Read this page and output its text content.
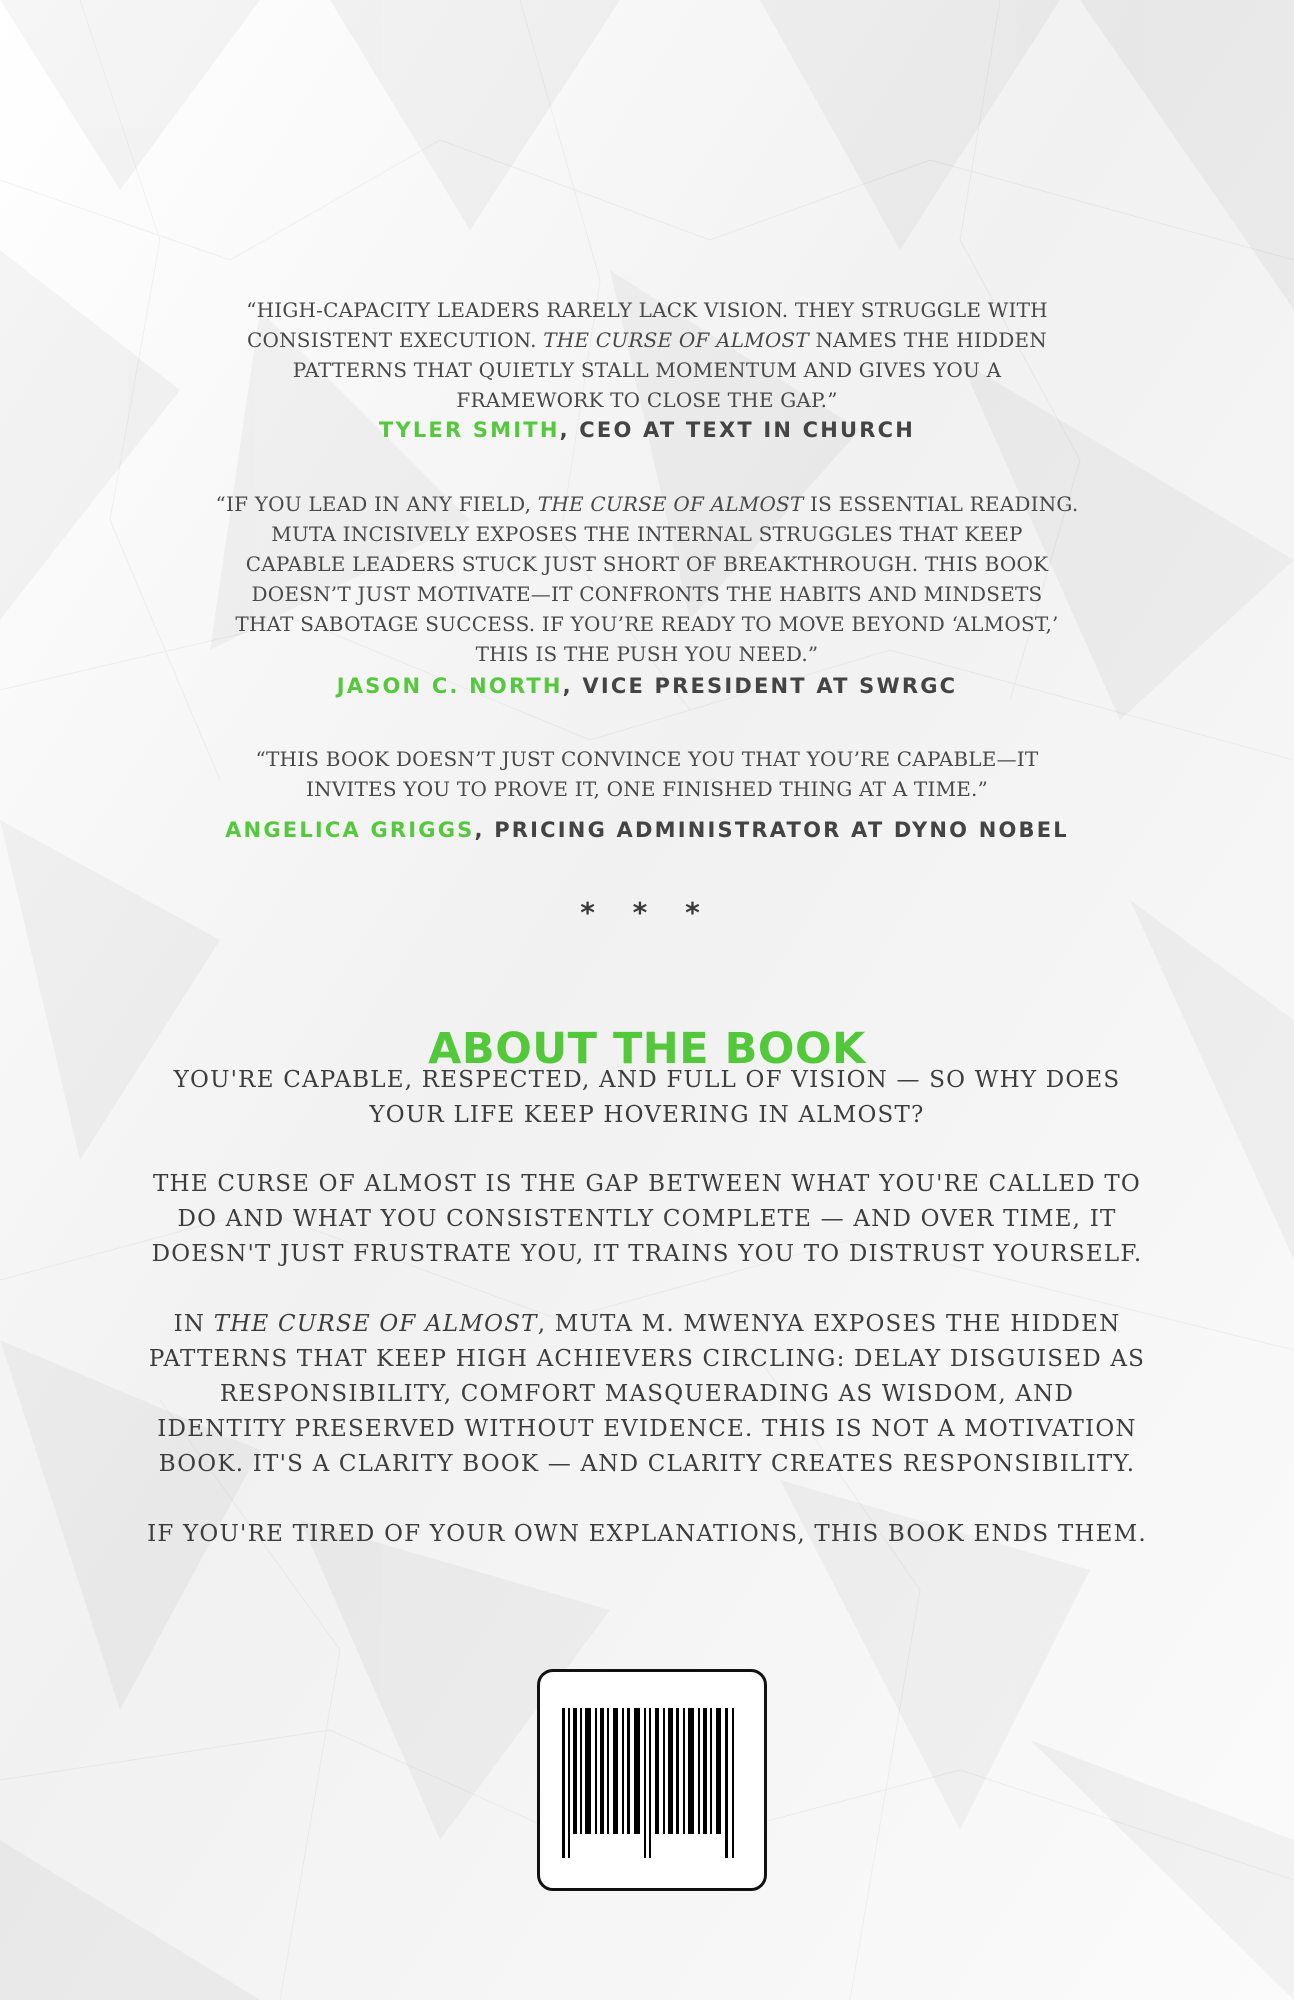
“HIGH-CAPACITY LEADERS RARELY LACK VISION. THEY STRUGGLE WITH

CONSISTENT EXECUTION. THE CURSE OF ALMOST NAMES THE HIDDEN

PATTERNS THAT QUIETLY STALL MOMENTUM AND GIVES YOU A

FRAMEWORK TO CLOSE THE GAP.”

TYLER SMITH, CEO AT TEXT IN CHURCH

“IF YOU LEAD IN ANY FIELD, THE CURSE OF ALMOST IS ESSENTIAL READING.

MUTA INCISIVELY EXPOSES THE INTERNAL STRUGGLES THAT KEEP

CAPABLE LEADERS STUCK JUST SHORT OF BREAKTHROUGH. THIS BOOK

DOESN’T JUST MOTIVATE—IT CONFRONTS THE HABITS AND MINDSETS

THAT SABOTAGE SUCCESS. IF YOU’RE READY TO MOVE BEYOND ‘ALMOST,’

THIS IS THE PUSH YOU NEED.”

JASON C. NORTH, VICE PRESIDENT AT SWRGC

“THIS BOOK DOESN’T JUST CONVINCE YOU THAT YOU’RE CAPABLE—IT

INVITES YOU TO PROVE IT, ONE FINISHED THING AT A TIME.”

ANGELICA GRIGGS, PRICING ADMINISTRATOR AT DYNO NOBEL
* * *
ABOUT THE BOOK

YOU'RE CAPABLE, RESPECTED, AND FULL OF VISION — SO WHY DOES
YOUR LIFE KEEP HOVERING IN ALMOST?

THE CURSE OF ALMOST IS THE GAP BETWEEN WHAT YOU'RE CALLED TO
DO AND WHAT YOU CONSISTENTLY COMPLETE — AND OVER TIME, IT
DOESN'T JUST FRUSTRATE YOU, IT TRAINS YOU TO DISTRUST YOURSELF.

IN THE CURSE OF ALMOST, MUTA M. MWENYA EXPOSES THE HIDDEN
PATTERNS THAT KEEP HIGH ACHIEVERS CIRCLING: DELAY DISGUISED AS
RESPONSIBILITY, COMFORT MASQUERADING AS WISDOM, AND
IDENTITY PRESERVED WITHOUT EVIDENCE. THIS IS NOT A MOTIVATION
BOOK. IT'S A CLARITY BOOK — AND CLARITY CREATES RESPONSIBILITY.

IF YOU'RE TIRED OF YOUR OWN EXPLANATIONS, THIS BOOK ENDS THEM.
